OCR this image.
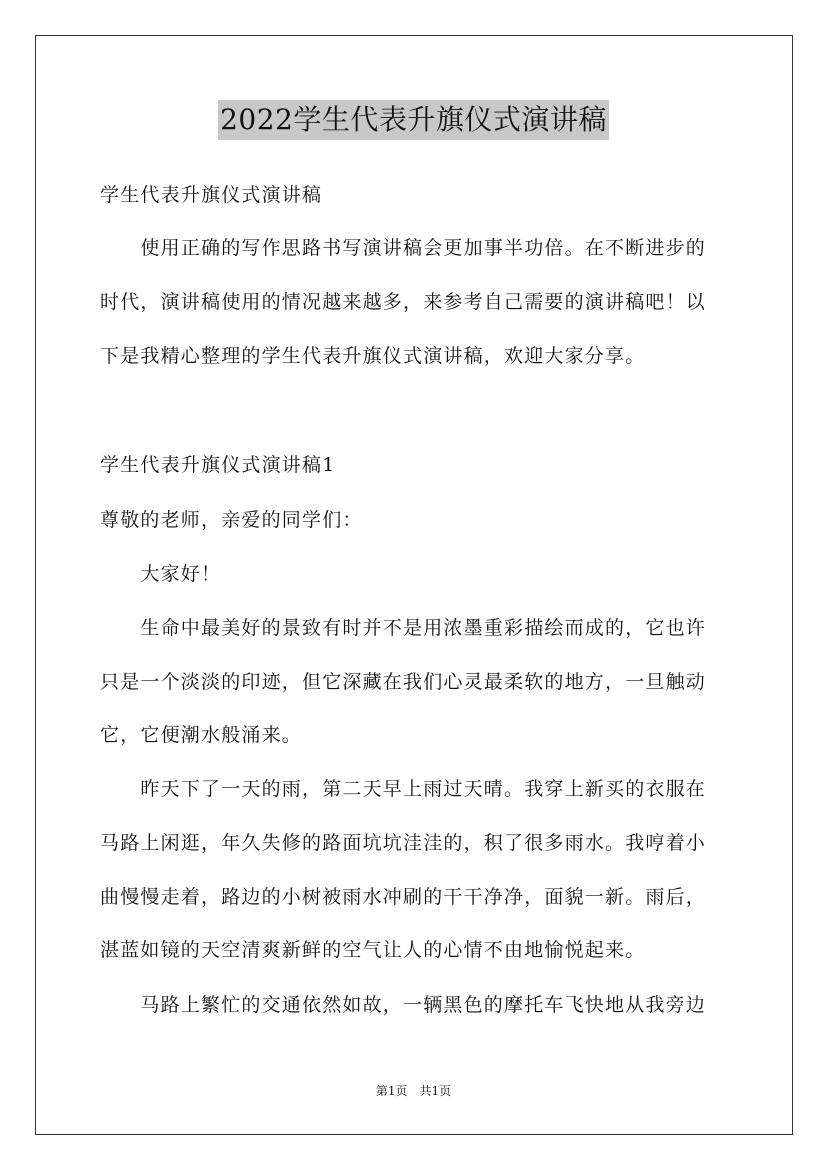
2022学生代表升旗仪式演讲稿
学生代表升旗仪式演讲稿
　　使用正确的写作思路书写演讲稿会更加事半功倍。在不断进步的
时代，演讲稿使用的情况越来越多，来参考自己需要的演讲稿吧！以
下是我精心整理的学生代表升旗仪式演讲稿，欢迎大家分享。
学生代表升旗仪式演讲稿1
尊敬的老师，亲爱的同学们：
　　大家好！
　　生命中最美好的景致有时并不是用浓墨重彩描绘而成的，它也许
只是一个淡淡的印迹，但它深藏在我们心灵最柔软的地方，一旦触动
它，它便潮水般涌来。
　　昨天下了一天的雨，第二天早上雨过天晴。我穿上新买的衣服在
马路上闲逛，年久失修的路面坑坑洼洼的，积了很多雨水。我哼着小
曲慢慢走着，路边的小树被雨水冲刷的干干净净，面貌一新。雨后，
湛蓝如镜的天空清爽新鲜的空气让人的心情不由地愉悦起来。
　　马路上繁忙的交通依然如故，一辆黑色的摩托车飞快地从我旁边
第1页　共1页
